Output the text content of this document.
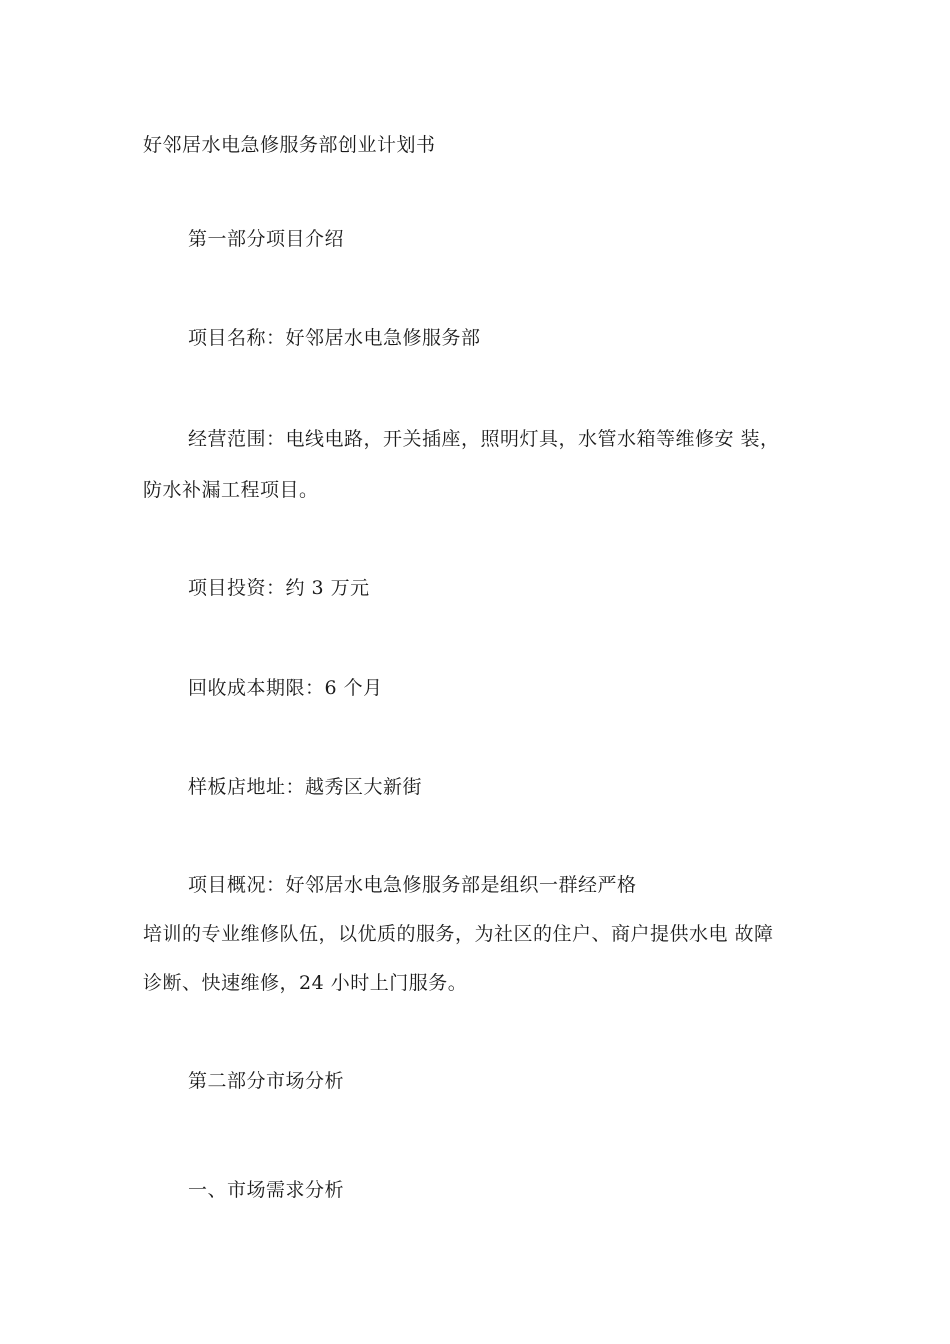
好邻居水电急修服务部创业计划书
第一部分项目介绍
项目名称：好邻居水电急修服务部
经营范围：电线电路，开关插座，照明灯具，水管水箱等维修安 装，
防水补漏工程项目。
项目投资：约 3 万元
回收成本期限：6 个月
样板店地址：越秀区大新街
项目概况：好邻居水电急修服务部是组织一群经严格
培训的专业维修队伍，以优质的服务，为社区的住户、商户提供水电 故障
诊断、快速维修，24 小时上门服务。
第二部分市场分析
一、市场需求分析
